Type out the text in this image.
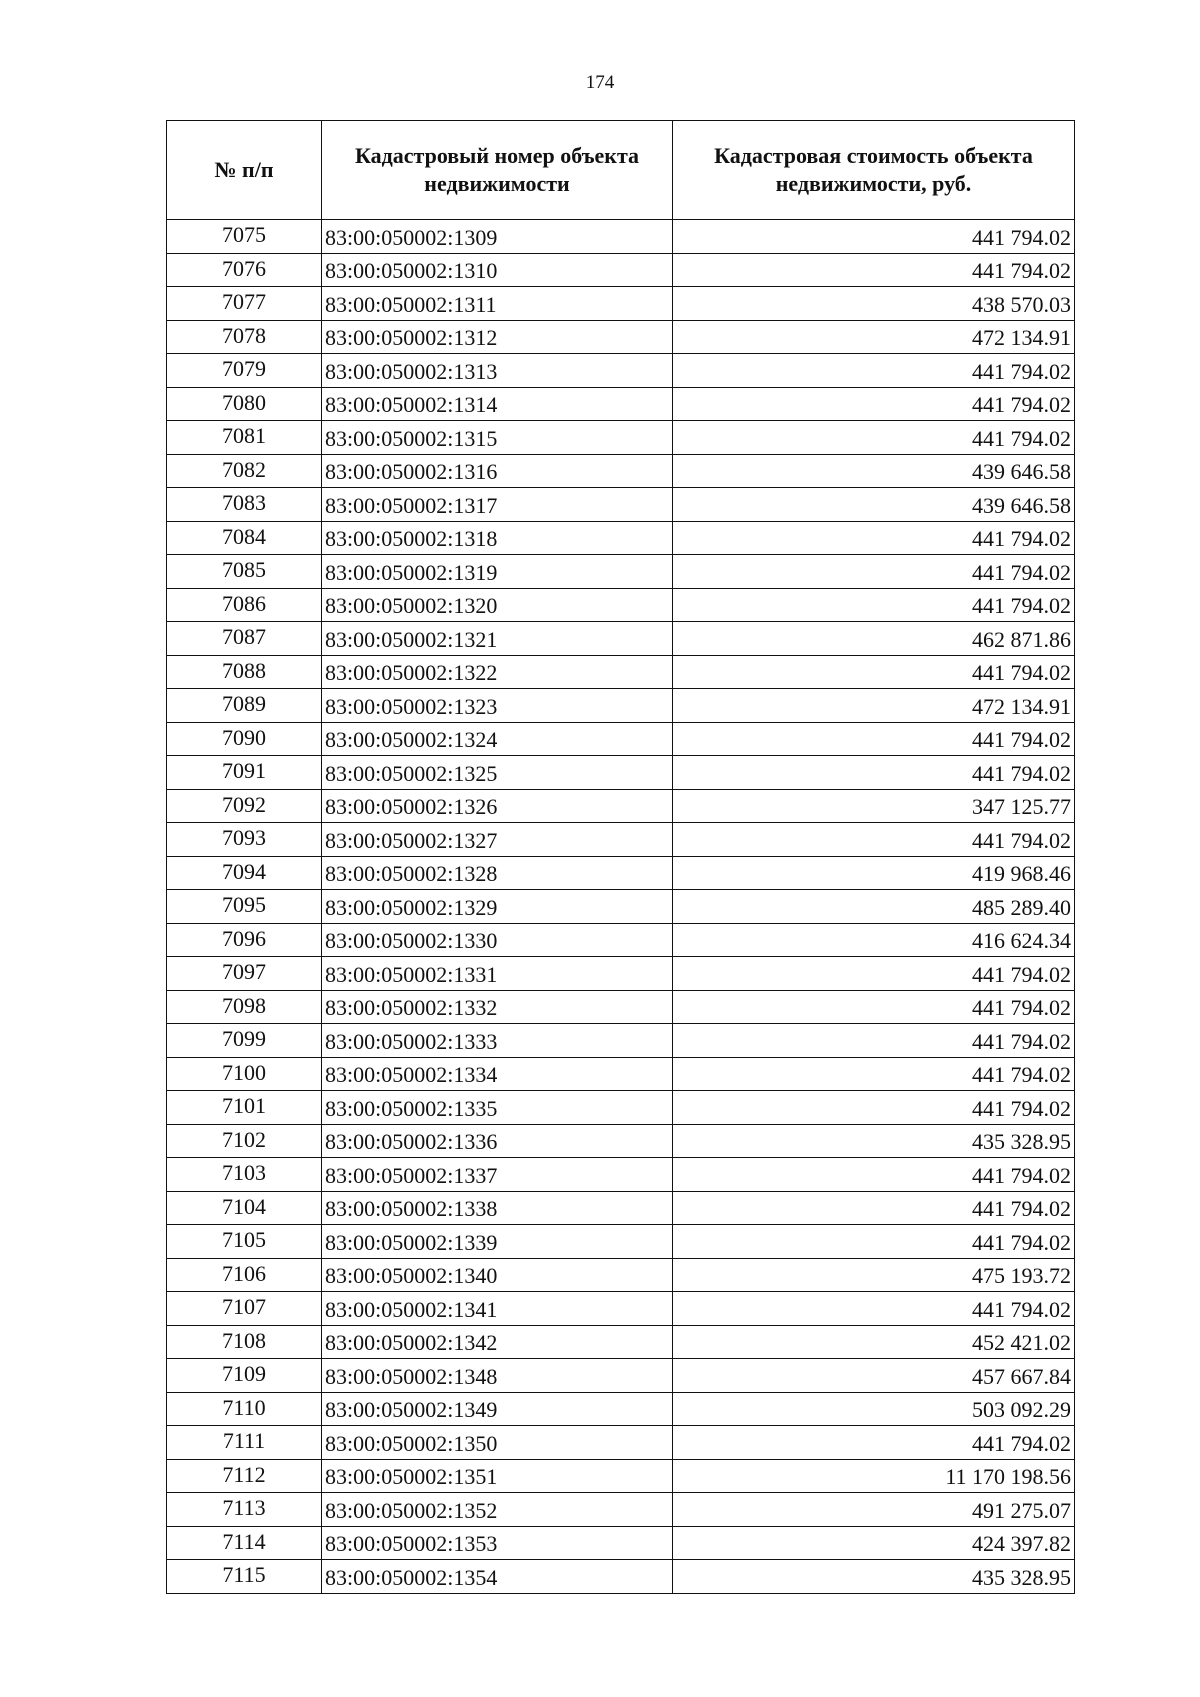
174
№ п/п	Кадастровый номер объекта недвижимости	Кадастровая стоимость объекта недвижимости, руб.
7075	83:00:050002:1309	441 794.02
7076	83:00:050002:1310	441 794.02
7077	83:00:050002:1311	438 570.03
7078	83:00:050002:1312	472 134.91
7079	83:00:050002:1313	441 794.02
7080	83:00:050002:1314	441 794.02
7081	83:00:050002:1315	441 794.02
7082	83:00:050002:1316	439 646.58
7083	83:00:050002:1317	439 646.58
7084	83:00:050002:1318	441 794.02
7085	83:00:050002:1319	441 794.02
7086	83:00:050002:1320	441 794.02
7087	83:00:050002:1321	462 871.86
7088	83:00:050002:1322	441 794.02
7089	83:00:050002:1323	472 134.91
7090	83:00:050002:1324	441 794.02
7091	83:00:050002:1325	441 794.02
7092	83:00:050002:1326	347 125.77
7093	83:00:050002:1327	441 794.02
7094	83:00:050002:1328	419 968.46
7095	83:00:050002:1329	485 289.40
7096	83:00:050002:1330	416 624.34
7097	83:00:050002:1331	441 794.02
7098	83:00:050002:1332	441 794.02
7099	83:00:050002:1333	441 794.02
7100	83:00:050002:1334	441 794.02
7101	83:00:050002:1335	441 794.02
7102	83:00:050002:1336	435 328.95
7103	83:00:050002:1337	441 794.02
7104	83:00:050002:1338	441 794.02
7105	83:00:050002:1339	441 794.02
7106	83:00:050002:1340	475 193.72
7107	83:00:050002:1341	441 794.02
7108	83:00:050002:1342	452 421.02
7109	83:00:050002:1348	457 667.84
7110	83:00:050002:1349	503 092.29
7111	83:00:050002:1350	441 794.02
7112	83:00:050002:1351	11 170 198.56
7113	83:00:050002:1352	491 275.07
7114	83:00:050002:1353	424 397.82
7115	83:00:050002:1354	435 328.95
